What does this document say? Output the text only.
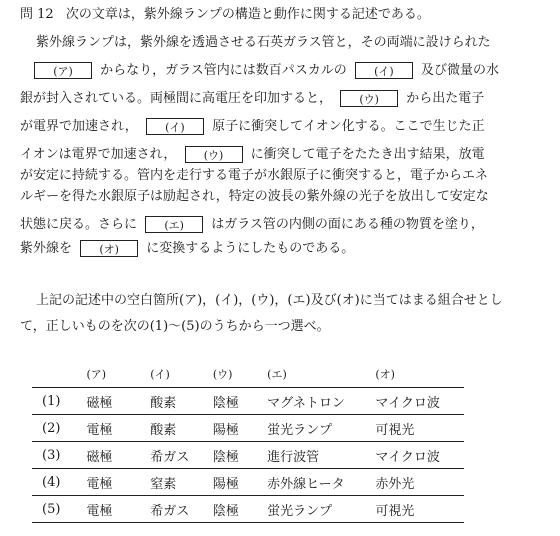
問 12 次の文章は，紫外線ランプの構造と動作に関する記述である。
紫外線ランプは，紫外線を透過させる石英ガラス管と，その両端に設けられた
(ア) からなり，ガラス管内には数百パスカルの (イ) 及び微量の水
銀が封入されている。両極間に高電圧を印加すると， (ウ) から出た電子
が電界で加速され， (イ) 原子に衝突してイオン化する。ここで生じた正
イオンは電界で加速され， (ウ) に衝突して電子をたたき出す結果，放電
が安定に持続する。管内を走行する電子が水銀原子に衝突すると，電子からエネ
ルギーを得た水銀原子は励起され，特定の波長の紫外線の光子を放出して安定な
状態に戻る。さらに (エ) はガラス管の内側の面にある種の物質を塗り，
紫外線を (オ) に変換するようにしたものである。
上記の記述中の空白箇所(ア)，(イ)，(ウ)，(エ)及び(オ)に当てはまる組合せとし
て，正しいものを次の(1)～(5)のうちから一つ選べ。
	(ア)	(イ)	(ウ)	(エ)	(オ)
(1)	磁極	酸素	陰極	マグネトロン	マイクロ波
(2)	電極	酸素	陽極	蛍光ランプ	可視光
(3)	磁極	希ガス	陰極	進行波管	マイクロ波
(4)	電極	窒素	陽極	赤外線ヒータ	赤外光
(5)	電極	希ガス	陰極	蛍光ランプ	可視光
